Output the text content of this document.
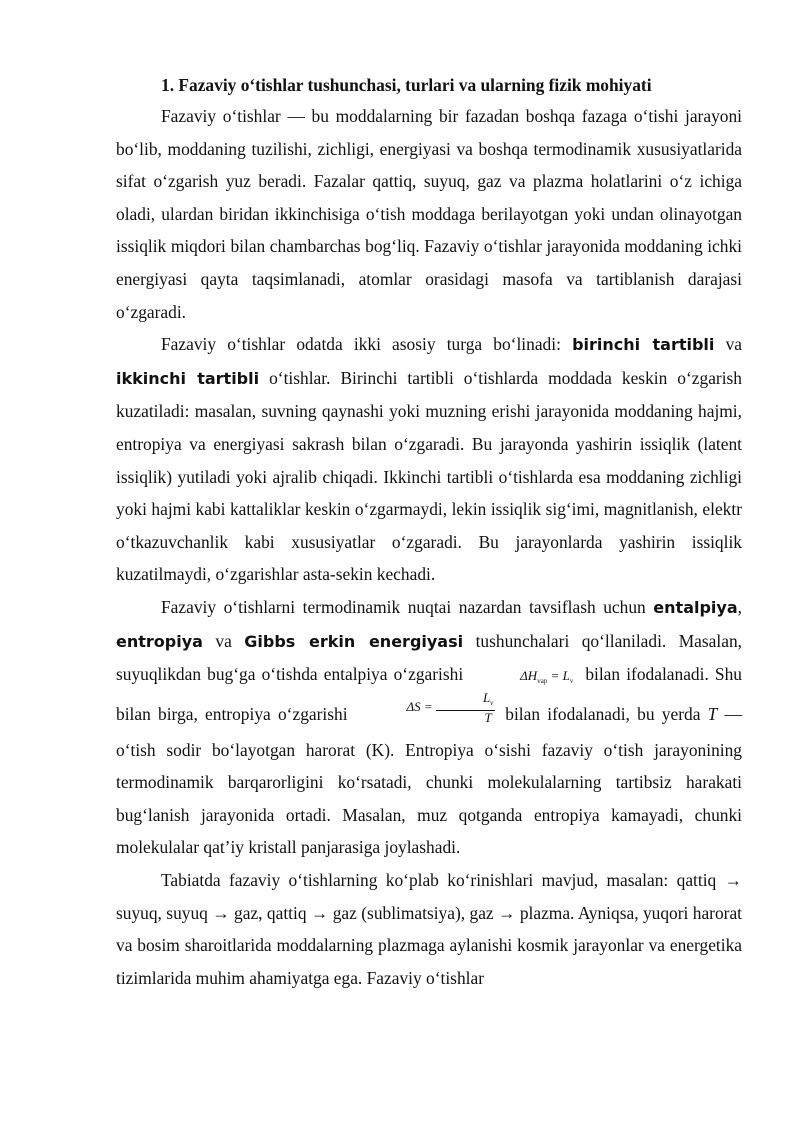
1. Fazaviy o‘tishlar tushunchasi, turlari va ularning fizik mohiyati

Fazaviy o‘tishlar — bu moddalarning bir fazadan boshqa fazaga o‘tishi jarayoni bo‘lib, moddaning tuzilishi, zichligi, energiyasi va boshqa termodinamik xususiyatlarida sifat o‘zgarish yuz beradi. Fazalar qattiq, suyuq, gaz va plazma holatlarini o‘z ichiga oladi, ulardan biridan ikkinchisiga o‘tish moddaga berilayotgan yoki undan olinayotgan issiqlik miqdori bilan chambarchas bog‘liq. Fazaviy o‘tishlar jarayonida moddaning ichki energiyasi qayta taqsimlanadi, atomlar orasidagi masofa va tartiblanish darajasi o‘zgaradi.

Fazaviy o‘tishlar odatda ikki asosiy turga bo‘linadi: birinchi tartibli va ikkinchi tartibli o‘tishlar. Birinchi tartibli o‘tishlarda moddada keskin o‘zgarish kuzatiladi: masalan, suvning qaynashi yoki muzning erishi jarayonida moddaning hajmi, entropiya va energiyasi sakrash bilan o‘zgaradi. Bu jarayonda yashirin issiqlik (latent issiqlik) yutiladi yoki ajralib chiqadi. Ikkinchi tartibli o‘tishlarda esa moddaning zichligi yoki hajmi kabi kattaliklar keskin o‘zgarmaydi, lekin issiqlik sig‘imi, magnitlanish, elektr o‘tkazuvchanlik kabi xususiyatlar o‘zgaradi. Bu jarayonlarda yashirin issiqlik kuzatilmaydi, o‘zgarishlar asta-sekin kechadi.

Fazaviy o‘tishlarni termodinamik nuqtai nazardan tavsiflash uchun entalpiya, entropiya va Gibbs erkin energiyasi tushunchalari qo‘llaniladi. Masalan, suyuqlikdan bug‘ga o‘tishda entalpiya o‘zgarishi	$\Delta H_{vap} = L_v$ bilan ifodalanadi. Shu bilan birga, entropiya o‘zgarishi	$\Delta S = \frac{L_v}{T}$ bilan ifodalanadi, bu yerda T — o‘tish sodir bo‘layotgan harorat (K). Entropiya o‘sishi fazaviy o‘tish jarayonining termodinamik barqarorligini ko‘rsatadi, chunki molekulalarning tartibsiz harakati bug‘lanish jarayonida ortadi. Masalan, muz qotganda entropiya kamayadi, chunki molekulalar qat’iy kristall panjarasiga joylashadi.

Tabiatda fazaviy o‘tishlarning ko‘plab ko‘rinishlari mavjud, masalan: qattiq → suyuq, suyuq → gaz, qattiq → gaz (sublimatsiya), gaz → plazma. Ayniqsa, yuqori harorat va bosim sharoitlarida moddalarning plazmaga aylanishi kosmik jarayonlar va energetika tizimlarida muhim ahamiyatga ega. Fazaviy o‘tishlar
